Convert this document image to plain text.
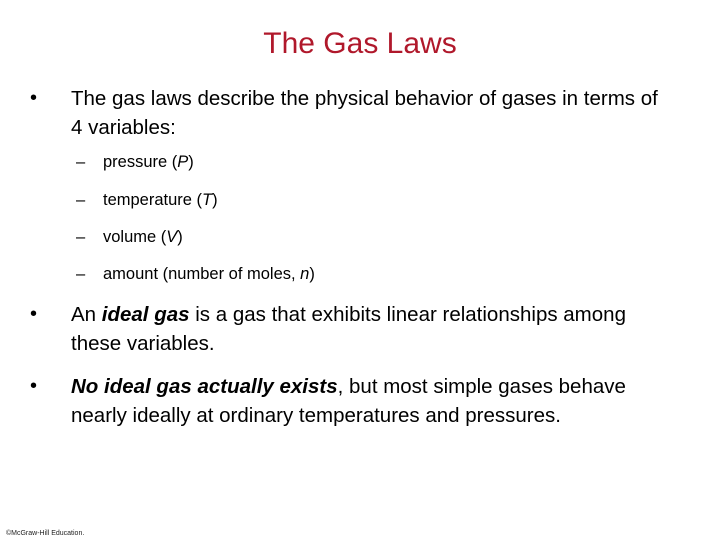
The Gas Laws
•	The gas laws describe the physical behavior of gases in terms of 4 variables:
– pressure (P)
– temperature (T)
– volume (V)
– amount (number of moles, n)
•	An ideal gas is a gas that exhibits linear relationships among these variables.
•	No ideal gas actually exists, but most simple gases behave nearly ideally at ordinary temperatures and pressures.
©McGraw-Hill Education.
